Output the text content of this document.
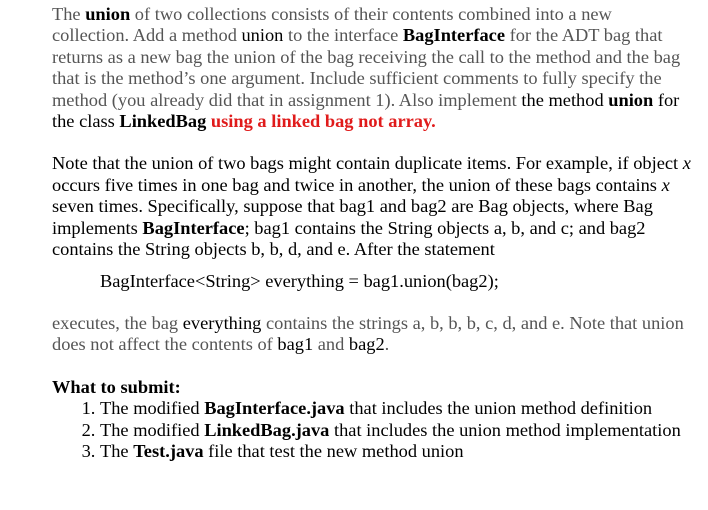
The union of two collections consists of their contents combined into a new collection. Add a method union to the interface BagInterface for the ADT bag that returns as a new bag the union of the bag receiving the call to the method and the bag that is the method’s one argument. Include sufficient comments to fully specify the method (you already did that in assignment 1). Also implement the method union for the class LinkedBag using a linked bag not array.

Note that the union of two bags might contain duplicate items. For example, if object x occurs five times in one bag and twice in another, the union of these bags contains x seven times. Specifically, suppose that bag1 and bag2 are Bag objects, where Bag implements BagInterface; bag1 contains the String objects a, b, and c; and bag2 contains the String objects b, b, d, and e. After the statement

BagInterface<String> everything = bag1.union(bag2);

executes, the bag everything contains the strings a, b, b, b, c, d, and e. Note that union does not affect the contents of bag1 and bag2.

What to submit:

1. The modified BagInterface.java that includes the union method definition
2. The modified LinkedBag.java that includes the union method implementation
3. The Test.java file that test the new method union
